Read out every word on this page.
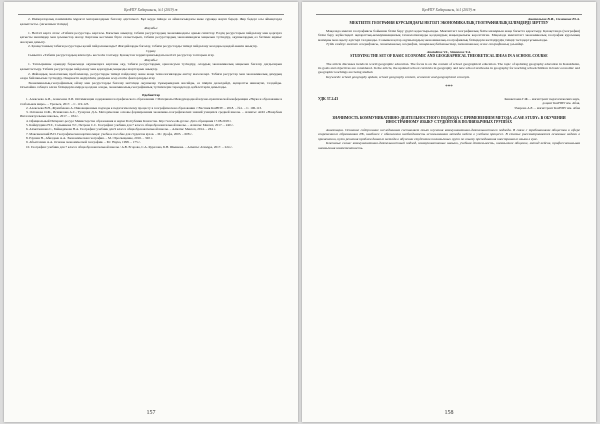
ҚазҰПУ Хабаршысы, №1 (2019) ж

2. Императорлық пәнімшілік мұрағат материалдарын бағалау әдістемесі. Бұл кеуде ішінде өз айналасындағы жеке сұраққа жауап береді. Жер бедері осы аймақтарда қалыптасты. (Ағылшын тілінде)

Жауабы:

1. Негізгі карта атлас «Табиғи ресурстар» картасы. Бағытын анықтау, табиғи ресурстардың экономикадағы орнын сипаттау. Елдің ресурстарын пайдалану мен қорғауға қатысты шешімдер мен ұсыныстар жасау. Картаны кестемен бірге салыстырып, табиғи ресурстардың экономикадағы маңызын түсіндіру, оқушылардың өз бетімен жұмыс жасауын дамыту.

2. Қазақстанның табиғи ресурстары қалай пайдаланылады? Жағдайларды бағалау, табиғи ресурстарды тиімді пайдалану жолдары қандай екенін анықтау.

Сұрақ:

Сыныпта «Табиғи ресурстардың жіктелуі» кестесін толтыру. Қазақстан территориясындағы негізгі ресурстар топтарын атау.

Жауабы:

1. Тапсырманы орындау барысында оқушыларға картаны оқу, табиғи ресурстардың орналасуын түсіндіру, олардың экономикалық маңызын бағалау дағдыларын қалыптастыру. Табиғи ресурстарды пайдалану мен қорғаудың маңызды шарттарын анықтау.

2. Жаһандық экологиялық проблемалар, ресурстарды тиімді пайдалану және жаңа технологияларды енгізу мәселелері. Табиғи ресурстар мен экономикалық дамудың өзара байланысын түсіндіру. Өнеркәсіп өндірісінің дамуына әсер ететін факторларды атау.

Экономикалық-географиялық ойлау мен ресурстарды бағалау негізінде оқушылар тұжырымдама жасайды, өз пікірін дәлелдейді, ақпаратты жинақтап, талдайды. Осылайша сабақта алған білімдерін өмірде қолдана алады, экономикалық-географиялық түсініктерін тереңдетеді, қабілеттерін дамытады.

Әдебиеттер

1. Алексеева А.И., Алексеева Л.И. Оптимизация содержания географического образования // Материалы Международной научно-практической конференции «Наука и образование в глобальном мире». – Уральск, 2017. – С. 119-123.

2. Алексеева В.Н., Жумабекова А. Инновационные подходы к педагогическому процессу в географическом образовании // Вестник КазНПУ. – 2018. – №1. – С. 106-113.

3. Оспанова О.Ж., Исмаилова А.С., Тулеуова Д.А. Методические основы формирования экономико-географических знаний учащихся средней школы. – Алматы: АОО «Назарбаев Интеллектуальные школы», 2017. – 184 с.

4. Официальный Интернет-ресурс Министерства образования и науки Республики Казахстан. http://www.edu.gov.kz. Дата обращения 17.08.2018 г.

5. Каймулдина Н.Т., Сальникова Т.Г., Петрова С.С. География: учебник для 7 класса общеобразовательной школы. – Алматы: Мектеп, 2017. – 240 с.

6. Ахметжанова С., Байкадамова Н.А. География: учебник для 9 класса общеобразовательной школы. – Алматы: Мектеп, 2014. – 264 с.

7. Максаковский В.П. Географическая картина мира: учебное пособие для студентов вузов. – М.: Дрофа, 2003. – 608 с.

8. Раушан Н., Абилдаев А.А. Экономическая география. – М.: Просвещение, 2016. – 320 с.

9. Абылгазиев А.А. Основы экономической географии. – М.: Наука, 1998. – 175 с.

10. География: учебник для 7 класса общеобразовательной школы / А.В. Егорова, С.А. Куралова, Б.Н. Шынкова. – Алматы: Атамұра, 2017. – 224 с.

157
ҚазҰПУ Хабаршысы, №1 (2019) ж

Анатольева В.И., Симонова Ю.А.

МЕКТЕПТЕ ГЕОГРАФИЯ КУРСЫНДАҒЫ НЕГІЗГІ ЭКОНОМИКАЛЫҚ ГЕОГРАФИЯЛЫҚ БІЛІМДЕРДІ ЗЕРТТЕУ

Мақалада мектеп географиясы бойынша білім беру үрдісі қарастырылады. Мектептегі географиялық білім мазмұнын жаңа бағытта қарастыру. Қазақстанда (география) білім беру жүйесіндегі ақпараттық-коммуникациялық технологияларды қолданудың маңыздылығы көрсетілген. Мақалада мектептегі экономикалық география курсының мазмұны мен оқыту әдістері талданады. Сонымен қатар оқушылардың экономикалық-географиялық білімдерін жетілдірудің тиімді тәсілдері ұсынылады.

Түйін сөздер: мектеп географиясы, экономикалық география, пәнаралық байланыстар, экономикалық және географиялық ұғымдар.

Anatolieva V.I., Simonova Y.A.

STUDYING THE SET OF BASIC ECONOMIC AND GEOGRAPHICAL THEORETICAL IDEAS IN A SCHOOL COURSE

The article discusses trends in world geographic education. The focus is on the content of school geographical education. The topic of updating geography education in Kazakhstan, its goals and objectives are considered. In the article, the updated school curricula in geography and new school textbooks in geography for teaching schoolchildren in basic economic and geographic teachings are being studied.

Keywords: school geography update, school geography content, economic and geographical concepts.

***
УДК 37.2.43	Кенжетаева Г.Ж. – магистрант педагогических наук,

доцент КазНПУ им. Абая,

Умарова А.Е. – магистрант КазНПУ им. Абая

ЗНАЧИМОСТЬ КОММУНИКАТИВНО-ДЕЯТЕЛЬНОСТНОГО ПОДХОДА С ПРИМЕНЕНИЕМ МЕТОДА «CASE STUDY» В ОБУЧЕНИИ ИНОСТРАННОМУ ЯЗЫКУ СТУДЕНТОВ В ПОЛИЯЗЫЧНЫХ ГРУППАХ

Аннотация. Основное содержание исследования составляет опыт изучения коммуникативно-деятельностного подхода. В связи с требованиями общества к сфере современного образования РК, наиболее с обновления необходимость использования метода кейсов в учебном процессе. В статье рассматриваются основные задачи в применении, пути решения проблем данного метода в обучении студентов полиязычных групп по опыту преподавания иностранного языка в вузе.

Ключевые слова: коммуникативно-деятельностный подход, коммуникативные навыки, учебная деятельность, иноязычное общение, метод кейсов, профессиональная иноязычная компетентность.

158
